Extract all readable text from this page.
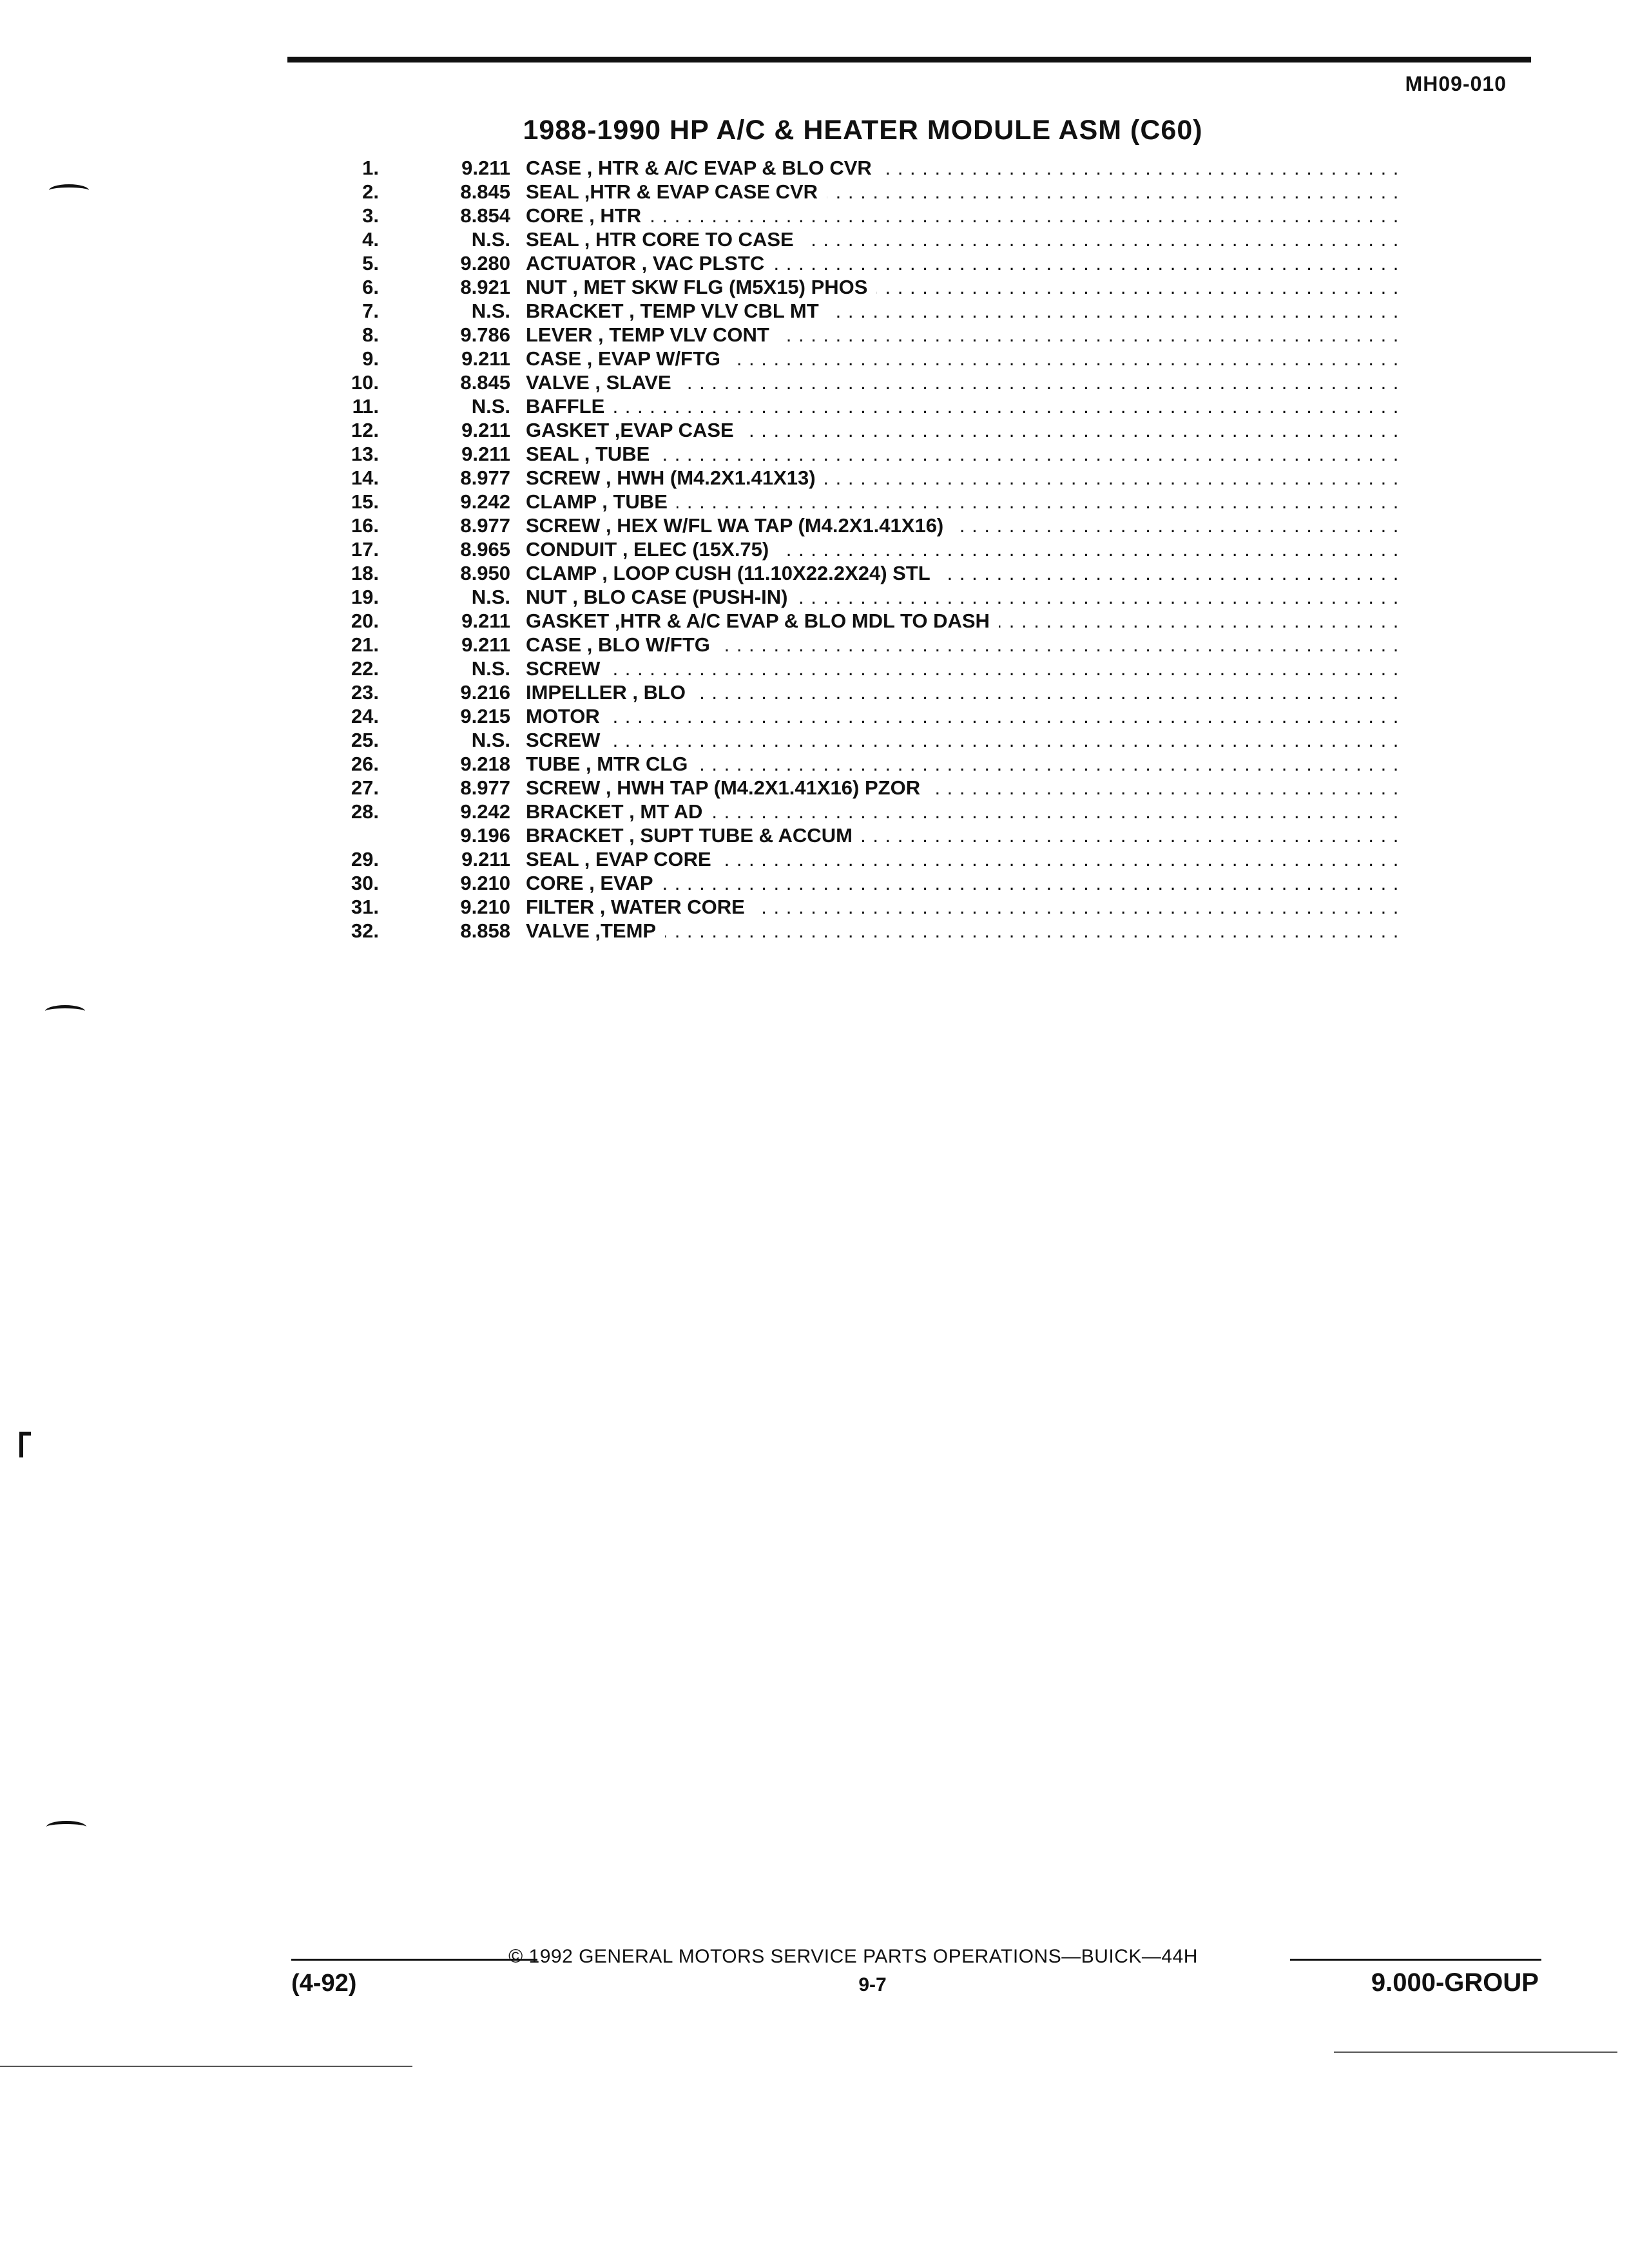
MH09-010
1988-1990 HP A/C & HEATER MODULE ASM (C60)
1.	9.211 CASE , HTR & A/C EVAP & BLO CVR . . .
2.	8.845 SEAL ,HTR & EVAP CASE CVR . . .
3.	8.854 CORE , HTR . . .
4.	N.S. SEAL , HTR CORE TO CASE . . .
5.	9.280 ACTUATOR , VAC PLSTC . . .
6.	8.921 NUT , MET SKW FLG (M5X15) PHOS . . .
7.	N.S. BRACKET , TEMP VLV CBL MT . . .
8.	9.786 LEVER , TEMP VLV CONT . . .
9.	9.211 CASE , EVAP W/FTG . . .
10.	8.845 VALVE , SLAVE . . .
11.	N.S. BAFFLE . . .
12.	9.211 GASKET ,EVAP CASE . . .
13.	9.211 SEAL , TUBE . . .
14.	8.977 SCREW , HWH (M4.2X1.41X13) . . .
15.	9.242 CLAMP , TUBE . . .
16.	8.977 SCREW , HEX W/FL WA TAP (M4.2X1.41X16) . . .
17.	8.965 CONDUIT , ELEC (15X.75) . . .
18.	8.950 CLAMP , LOOP CUSH (11.10X22.2X24) STL . . .
19.	N.S. NUT , BLO CASE (PUSH-IN) . . .
20.	9.211 GASKET ,HTR & A/C EVAP & BLO MDL TO DASH . . .
21.	9.211 CASE , BLO W/FTG . . .
22.	N.S. SCREW . . .
23.	9.216 IMPELLER , BLO . . .
24.	9.215 MOTOR . . .
25.	N.S. SCREW . . .
26.	9.218 TUBE , MTR CLG . . .
27.	8.977 SCREW , HWH TAP (M4.2X1.41X16) PZOR . . .
28.	9.242 BRACKET , MT AD . . .
9.196 BRACKET , SUPT TUBE & ACCUM . . .
29.	9.211 SEAL , EVAP CORE . . .
30.	9.210 CORE , EVAP . . .
31.	9.210 FILTER , WATER CORE . . .
32.	8.858 VALVE ,TEMP . . .
© 1992 GENERAL MOTORS SERVICE PARTS OPERATIONS—BUICK—44H
(4-92)	9-7	9.000-GROUP
